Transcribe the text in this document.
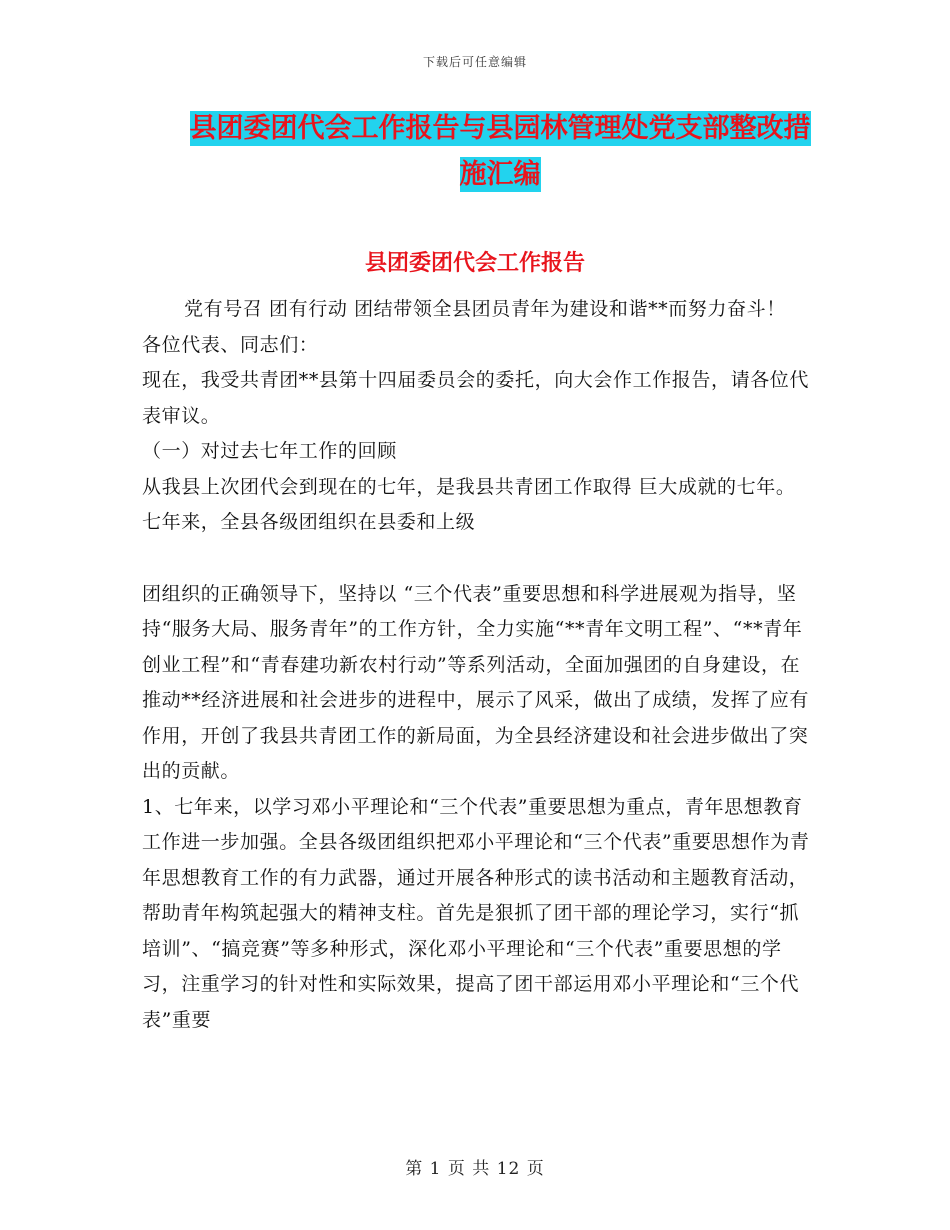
下载后可任意编辑
县团委团代会工作报告与县园林管理处党支部整改措
施汇编
县团委团代会工作报告

党有号召 团有行动 团结带领全县团员青年为建设和谐**而努力奋斗！

各位代表、同志们：

现在，我受共青团**县第十四届委员会的委托，向大会作工作报告，请各位代表审议。

（一）对过去七年工作的回顾

从我县上次团代会到现在的七年，是我县共青团工作取得 巨大成就的七年。七年来，全县各级团组织在县委和上级

团组织的正确领导下，坚持以 “三个代表”重要思想和科学进展观为指导，坚持“服务大局、服务青年”的工作方针，全力实施“**青年文明工程”、“**青年创业工程”和“青春建功新农村行动”等系列活动，全面加强团的自身建设，在推动**经济进展和社会进步的进程中，展示了风采，做出了成绩，发挥了应有作用，开创了我县共青团工作的新局面，为全县经济建设和社会进步做出了突出的贡献。

1、七年来，以学习邓小平理论和“三个代表”重要思想为重点，青年思想教育工作进一步加强。全县各级团组织把邓小平理论和“三个代表”重要思想作为青年思想教育工作的有力武器，通过开展各种形式的读书活动和主题教育活动，帮助青年构筑起强大的精神支柱。首先是狠抓了团干部的理论学习，实行“抓培训”、“搞竞赛”等多种形式，深化邓小平理论和“三个代表”重要思想的学习，注重学习的针对性和实际效果，提高了团干部运用邓小平理论和“三个代表”重要

第 1 页 共 12 页
